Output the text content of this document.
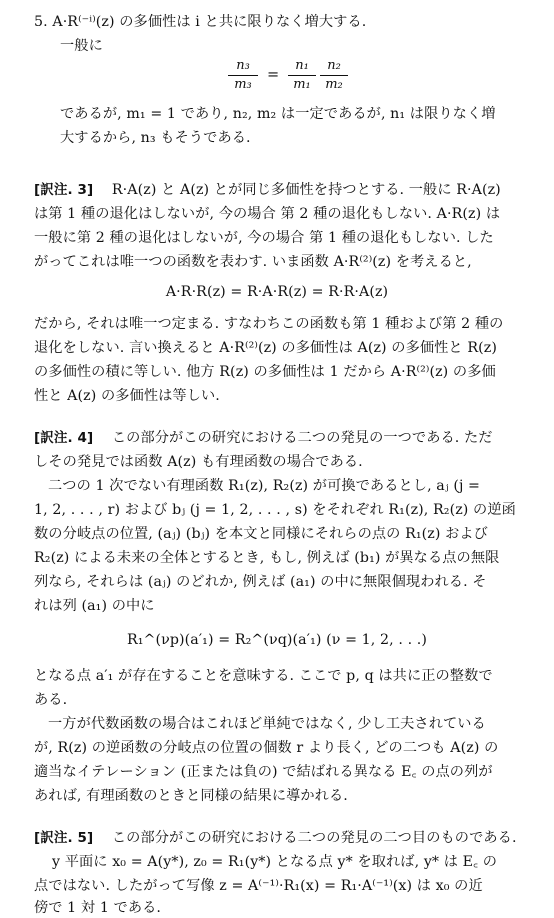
5. A·R⁽⁻ⁱ⁾(z) の多価性は i と共に限りなく増大する.
一般に
$\frac{\text{n₃}}{\text{m₃}} = \frac{\text{n₁}}{\text{m₁}} \frac{\text{n₂}}{\text{m₂}}$
であるが, m₁ = 1 であり, n₂, m₂ は一定であるが, n₁ は限りなく増
大するから, n₃ もそうである.
[訳注. 3] R·A(z) と A(z) とが同じ多価性を持つとする. 一般に R·A(z)
は第 1 種の退化はしないが, 今の場合 第 2 種の退化もしない. A·R(z) は
一般に第 2 種の退化はしないが, 今の場合 第 1 種の退化もしない. した
がってこれは唯一つの函数を表わす. いま函数 A·R⁽²⁾(z) を考えると,
A·R·R(z) = R·A·R(z) = R·R·A(z)
だから, それは唯一つ定まる. すなわちこの函数も第 1 種および第 2 種の
退化をしない. 言い換えると A·R⁽²⁾(z) の多価性は A(z) の多価性と R(z)
の多価性の積に等しい. 他方 R(z) の多価性は 1 だから A·R⁽²⁾(z) の多価
性と A(z) の多価性は等しい.
[訳注. 4] この部分がこの研究における二つの発見の一つである. ただ
しその発見では函数 A(z) も有理函数の場合である.
二つの 1 次でない有理函数 R₁(z), R₂(z) が可換であるとし, aⱼ (j =
1, 2, . . . , r) および bⱼ (j = 1, 2, . . . , s) をそれぞれ R₁(z), R₂(z) の逆函
数の分岐点の位置, (aⱼ) (bⱼ) を本文と同様にそれらの点の R₁(z) および
R₂(z) による未来の全体とするとき, もし, 例えば (b₁) が異なる点の無限
列なら, それらは (aⱼ) のどれか, 例えば (a₁) の中に無限個現われる. そ
れは列 (a₁) の中に
R₁^(νp)(a′₁) = R₂^(νq)(a′₁) (ν = 1, 2, . . .)
となる点 a′₁ が存在することを意味する. ここで p, q は共に正の整数で
ある.
一方が代数函数の場合はこれほど単純ではなく, 少し工夫されている
が, R(z) の逆函数の分岐点の位置の個数 r より長く, どの二つも A(z) の
適当なイテレーション (正または負の) で結ばれる異なる E꜀ の点の列が
あれば, 有理函数のときと同様の結果に導かれる.
[訳注. 5] この部分がこの研究における二つの発見の二つ目のものである.
y 平面に x₀ = A(y*), z₀ = R₁(y*) となる点 y* を取れば, y* は E꜀ の
点ではない. したがって写像 z = A⁽⁻¹⁾·R₁(x) = R₁·A⁽⁻¹⁾(x) は x₀ の近
傍で 1 対 1 である.
